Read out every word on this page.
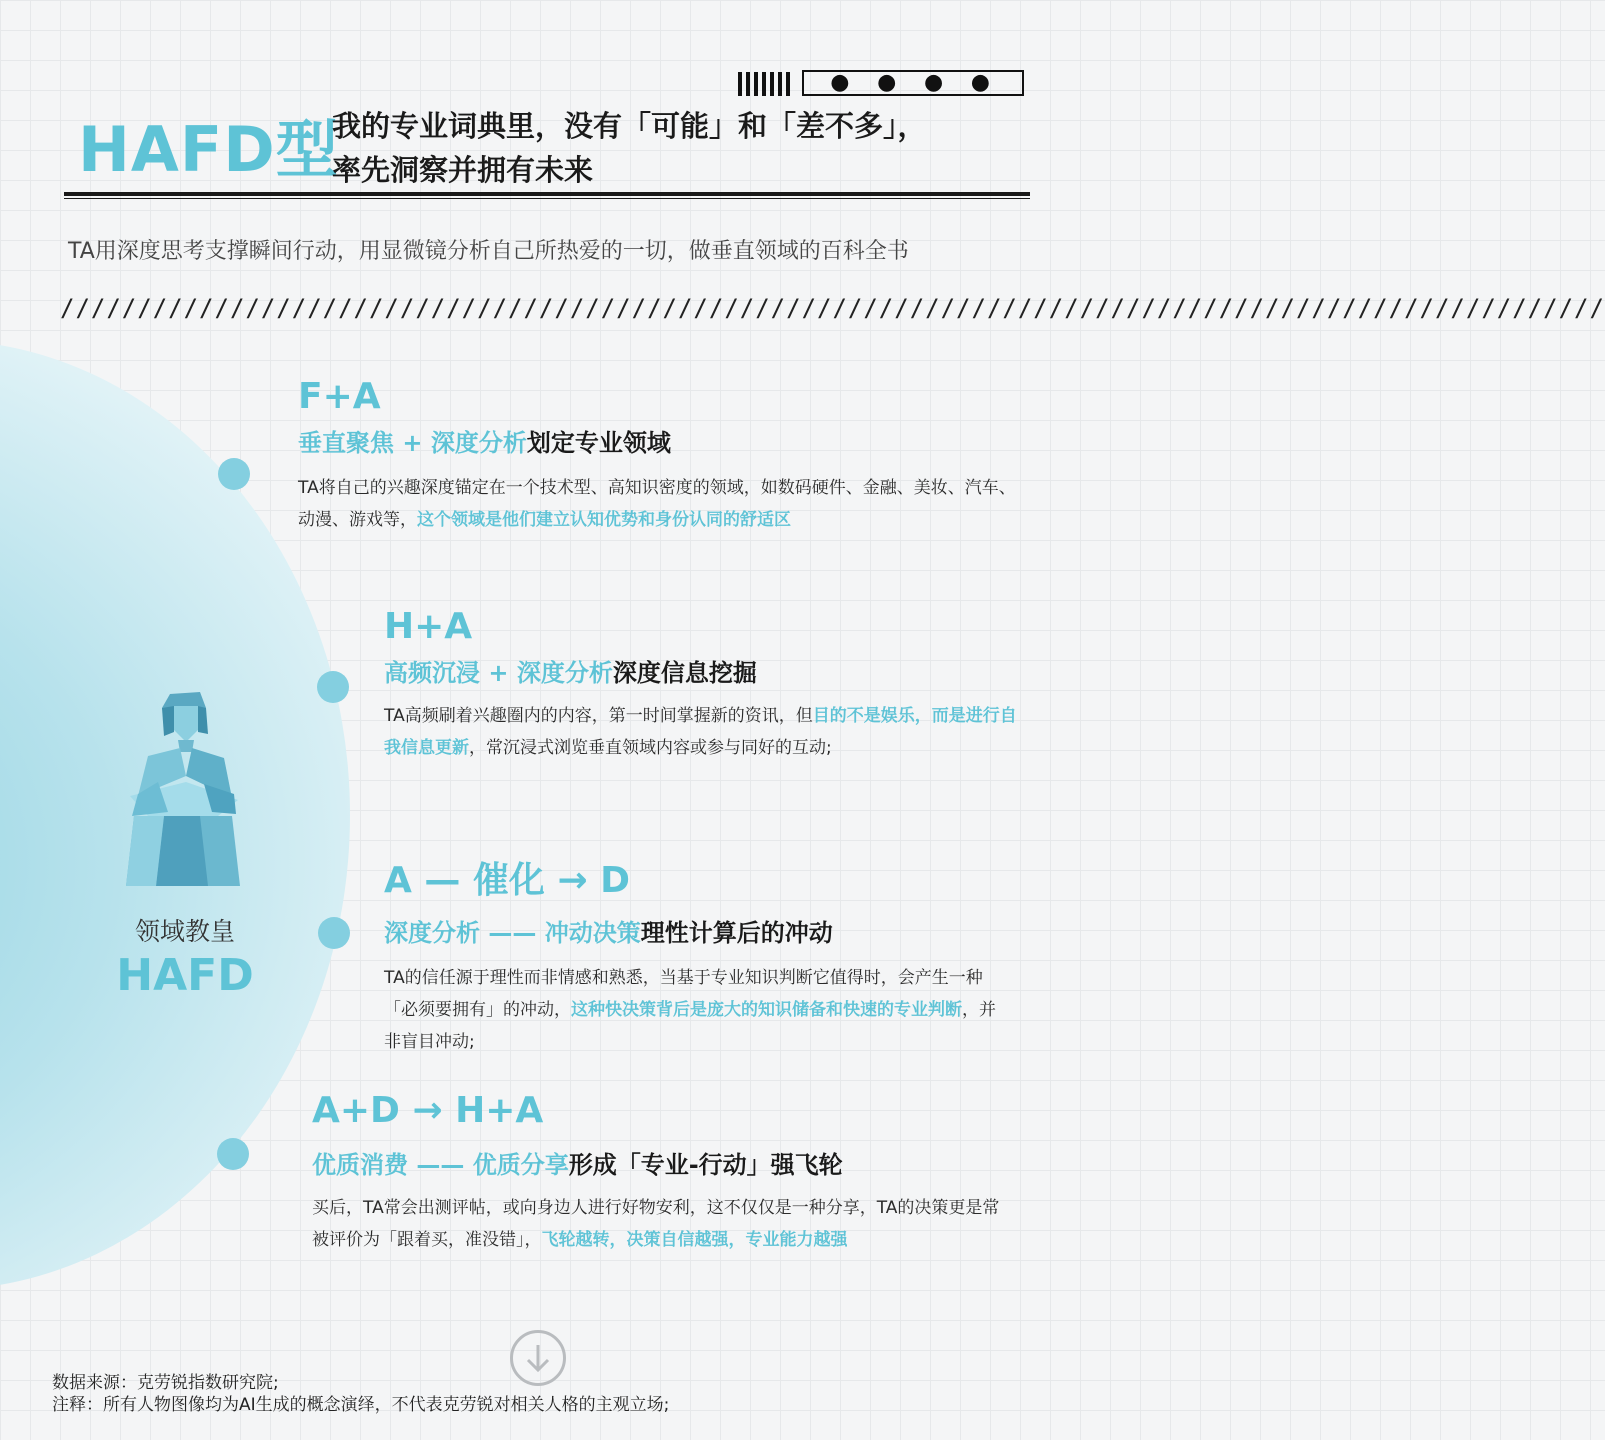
● ● ● ●
HAFD型
我的专业词典里，没有「可能」和「差不多」，
率先洞察并拥有未来
TA用深度思考支撑瞬间行动，用显微镜分析自己所热爱的一切，做垂直领域的百科全书
////////////////////////////////////////////////////////////////////////////////////////////////////
领域教皇
HAFD
F+A
垂直聚焦 + 深度分析划定专业领域
TA将自己的兴趣深度锚定在一个技术型、高知识密度的领域，如数码硬件、金融、美妆、汽车、动漫、游戏等，这个领域是他们建立认知优势和身份认同的舒适区
H+A
高频沉浸 + 深度分析深度信息挖掘
TA高频刷着兴趣圈内的内容，第一时间掌握新的资讯，但目的不是娱乐，而是进行自我信息更新，常沉浸式浏览垂直领域内容或参与同好的互动;
A — 催化 → D
深度分析 —— 冲动决策理性计算后的冲动
TA的信任源于理性而非情感和熟悉，当基于专业知识判断它值得时，会产生一种「必须要拥有」的冲动，这种快决策背后是庞大的知识储备和快速的专业判断，并非盲目冲动;
A+D → H+A
优质消费 —— 优质分享形成「专业-行动」强飞轮
买后，TA常会出测评帖，或向身边人进行好物安利，这不仅仅是一种分享，TA的决策更是常被评价为「跟着买，准没错」，飞轮越转，决策自信越强，专业能力越强
数据来源：克劳锐指数研究院;
注释：所有人物图像均为AI生成的概念演绎，不代表克劳锐对相关人格的主观立场;
